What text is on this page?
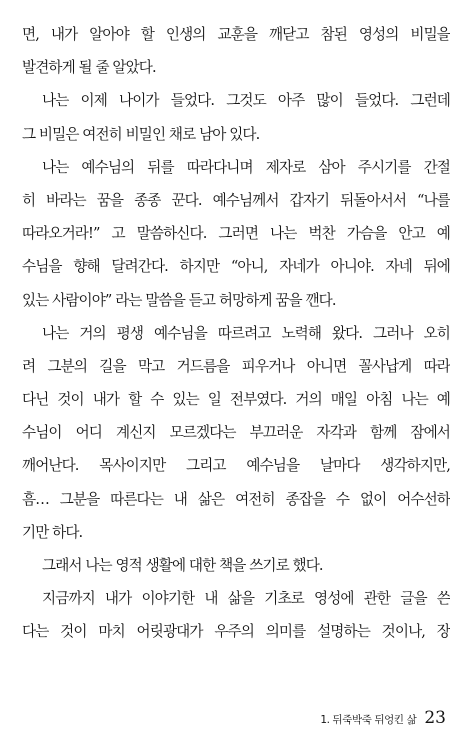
면, 내가 알아야 할 인생의 교훈을 깨닫고 참된 영성의 비밀을
발견하게 될 줄 알았다.
나는 이제 나이가 들었다. 그것도 아주 많이 들었다. 그런데
그 비밀은 여전히 비밀인 채로 남아 있다.
나는 예수님의 뒤를 따라다니며 제자로 삼아 주시기를 간절
히 바라는 꿈을 종종 꾼다. 예수님께서 갑자기 뒤돌아서서 “나를
따라오거라!” 고 말씀하신다. 그러면 나는 벅찬 가슴을 안고 예
수님을 향해 달려간다. 하지만 “아니, 자네가 아니야. 자네 뒤에
있는 사람이야” 라는 말씀을 듣고 허망하게 꿈을 깬다.
나는 거의 평생 예수님을 따르려고 노력해 왔다. 그러나 오히
려 그분의 길을 막고 거드름을 피우거나 아니면 꼴사납게 따라
다닌 것이 내가 할 수 있는 일 전부였다. 거의 매일 아침 나는 예
수님이 어디 계신지 모르겠다는 부끄러운 자각과 함께 잠에서
깨어난다. 목사이지만 그리고 예수님을 날마다 생각하지만,
흠… 그분을 따른다는 내 삶은 여전히 종잡을 수 없이 어수선하
기만 하다.
그래서 나는 영적 생활에 대한 책을 쓰기로 했다.
지금까지 내가 이야기한 내 삶을 기초로 영성에 관한 글을 쓴
다는 것이 마치 어릿광대가 우주의 의미를 설명하는 것이나, 장
1. 뒤죽박죽 뒤엉킨 삶 23
